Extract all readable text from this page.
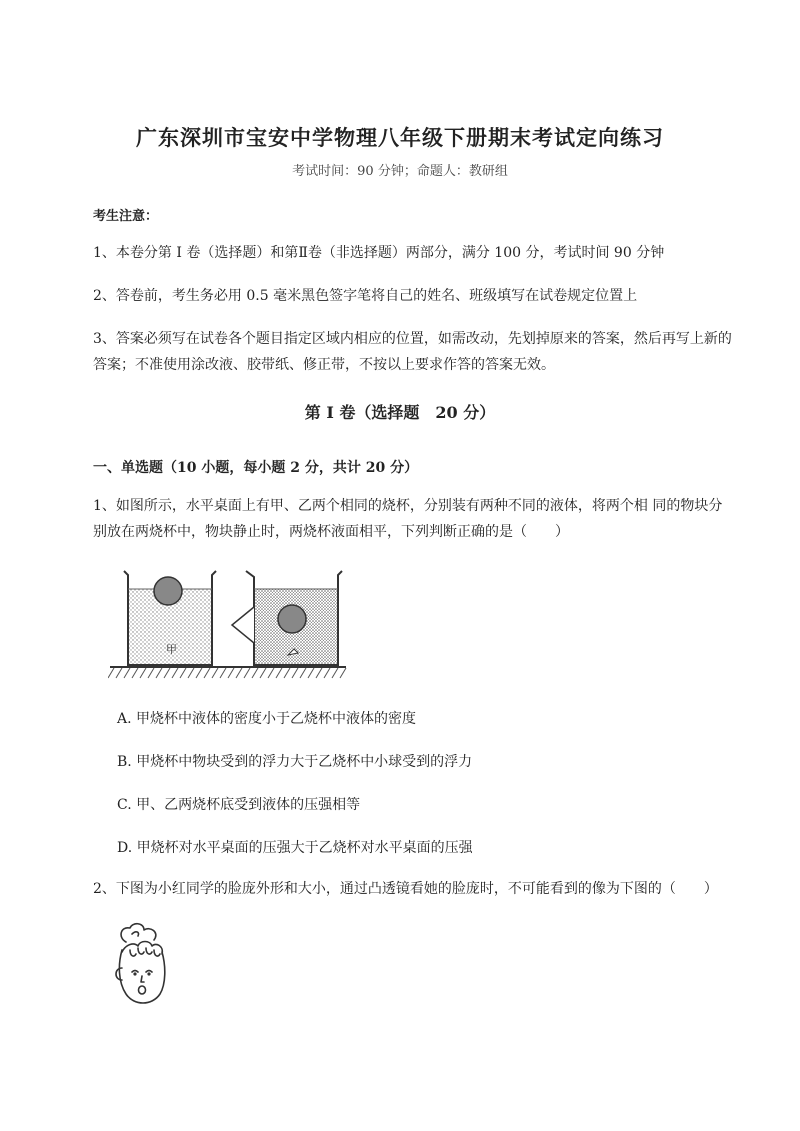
广东深圳市宝安中学物理八年级下册期末考试定向练习
考试时间：90 分钟；命题人：教研组
考生注意：
1、本卷分第 I 卷（选择题）和第Ⅱ卷（非选择题）两部分，满分 100 分，考试时间 90 分钟
2、答卷前，考生务必用 0.5 毫米黑色签字笔将自己的姓名、班级填写在试卷规定位置上
3、答案必须写在试卷各个题目指定区域内相应的位置，如需改动，先划掉原来的答案，然后再写上新的答案；不准使用涂改液、胶带纸、修正带，不按以上要求作答的答案无效。
第 I 卷（选择题　20 分）
一、单选题（10 小题，每小题 2 分，共计 20 分）
1、如图所示，水平桌面上有甲、乙两个相同的烧杯，分别装有两种不同的液体，将两个相 同的物块分别放在两烧杯中，物块静止时，两烧杯液面相平，下列判断正确的是（　　）
甲
A. 甲烧杯中液体的密度小于乙烧杯中液体的密度
B. 甲烧杯中物块受到的浮力大于乙烧杯中小球受到的浮力
C. 甲、乙两烧杯底受到液体的压强相等
D. 甲烧杯对水平桌面的压强大于乙烧杯对水平桌面的压强
2、下图为小红同学的脸庞外形和大小，通过凸透镜看她的脸庞时，不可能看到的像为下图的（　　）
